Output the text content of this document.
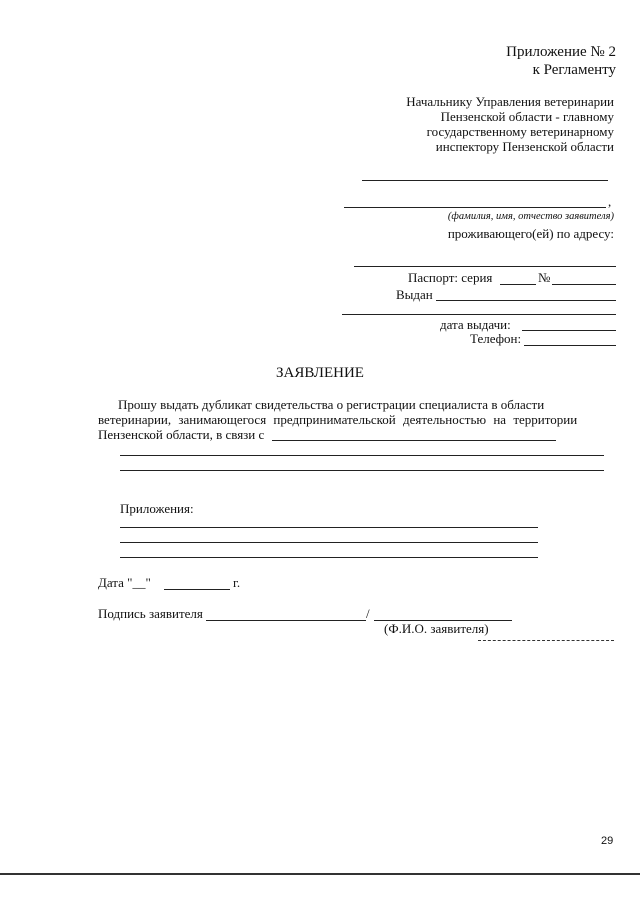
Приложение № 2
к Регламенту
Начальнику Управления ветеринарии
Пензенской области - главному
государственному ветеринарному
инспектору Пензенской области
,
(фамилия, имя, отчество заявителя)
проживающего(ей) по адресу:
Паспорт: серия	№
Выдан
дата выдачи:
Телефон:
ЗАЯВЛЕНИЕ
Прошу выдать дубликат свидетельства о регистрации специалиста в области
ветеринарии, занимающегося предпринимательской деятельностью на территории
Пензенской области, в связи с
Приложения:
Дата "__"	г.
Подпись заявителя	/
(Ф.И.О. заявителя)
29
